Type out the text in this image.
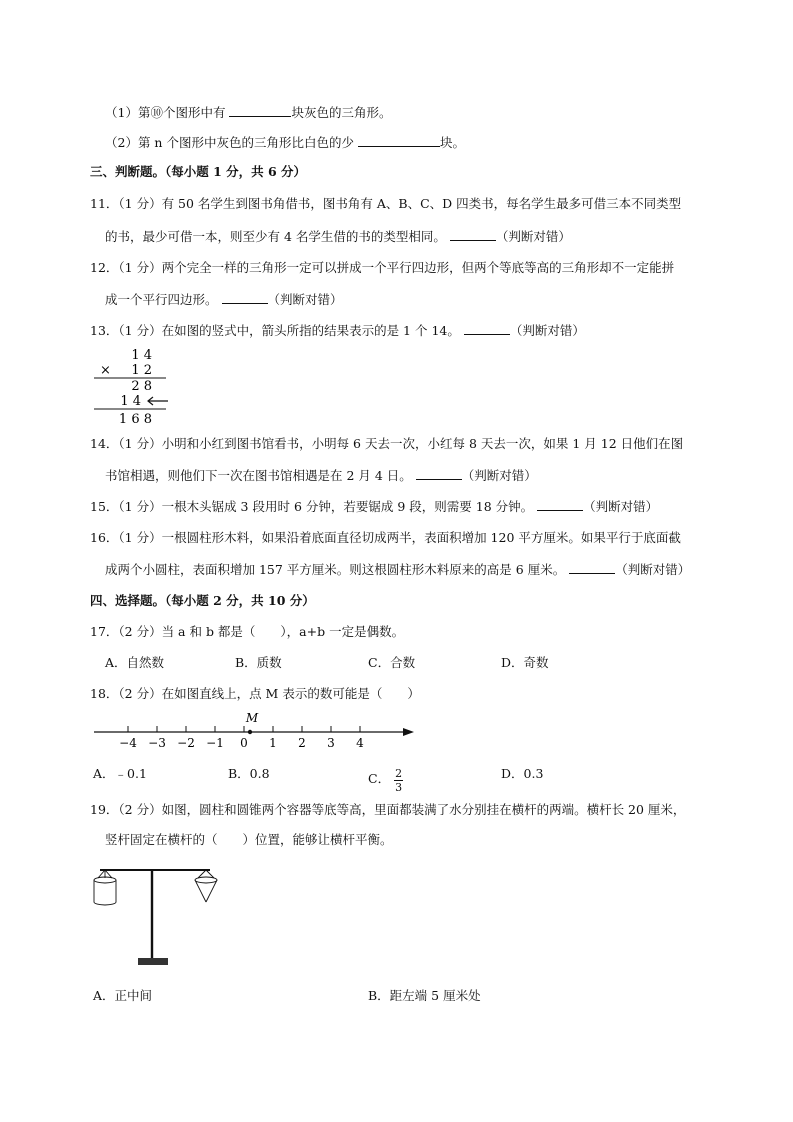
（1）第⑩个图形中有	块灰色的三角形。
（2）第 n 个图形中灰色的三角形比白色的少	块。
三、判断题。（每小题 1 分，共 6 分）
11．（1 分）有 50 名学生到图书角借书，图书角有 A、B、C、D 四类书，每名学生最多可借三本不同类型
的书，最少可借一本，则至少有 4 名学生借的书的类型相同。	（判断对错）
12．（1 分）两个完全一样的三角形一定可以拼成一个平行四边形，但两个等底等高的三角形却不一定能拼
成一个平行四边形。	（判断对错）
13．（1 分）在如图的竖式中，箭头所指的结果表示的是 1 个 14。	（判断对错）
1 4
× 1 2
2 8
1 4
1 6 8
14．（1 分）小明和小红到图书馆看书，小明每 6 天去一次，小红每 8 天去一次，如果 1 月 12 日他们在图
书馆相遇，则他们下一次在图书馆相遇是在 2 月 4 日。	（判断对错）
15．（1 分）一根木头锯成 3 段用时 6 分钟，若要锯成 9 段，则需要 18 分钟。	（判断对错）
16．（1 分）一根圆柱形木料，如果沿着底面直径切成两半，表面积增加 120 平方厘米。如果平行于底面截
成两个小圆柱，表面积增加 157 平方厘米。则这根圆柱形木料原来的高是 6 厘米。	（判断对错）
四、选择题。（每小题 2 分，共 10 分）
17．（2 分）当 a 和 b 都是（　　），a+b 一定是偶数。
A．自然数	B．质数	C．合数	D．奇数
18．（2 分）在如图直线上，点 M 表示的数可能是（　　）
M
−4 −3 −2 −1 0 1 2 3 4
A．﹣0.1	B．0.8	C． $\frac{2}{3}$	D．0.3
19．（2 分）如图，圆柱和圆锥两个容器等底等高，里面都装满了水分别挂在横杆的两端。横杆长 20 厘米，
竖杆固定在横杆的（　　）位置，能够让横杆平衡。
A．正中间	B．距左端 5 厘米处
